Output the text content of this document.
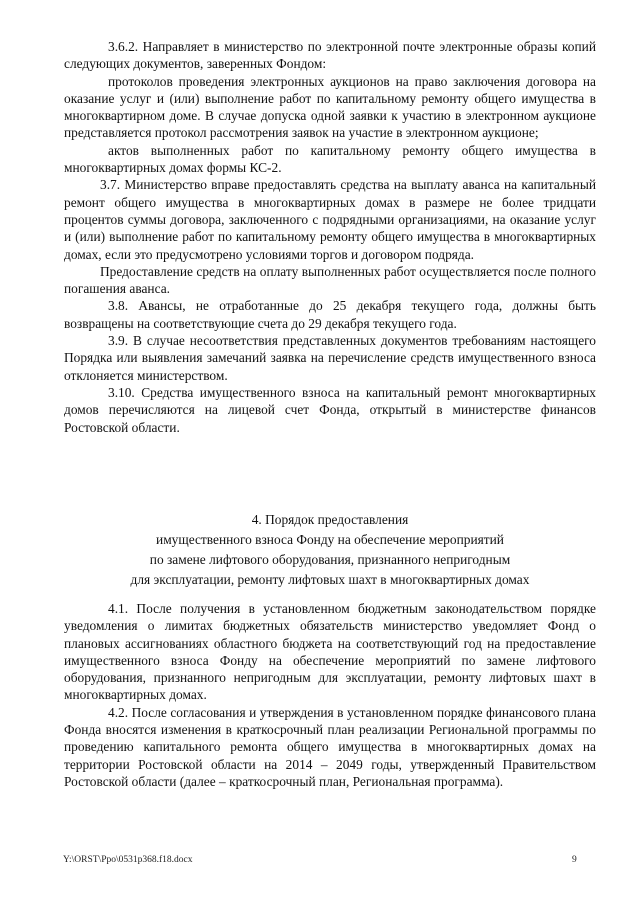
3.6.2. Направляет в министерство по электронной почте электронные образы копий следующих документов, заверенных Фондом:

протоколов проведения электронных аукционов на право заключения договора на оказание услуг и (или) выполнение работ по капитальному ремонту общего имущества в многоквартирном доме. В случае допуска одной заявки к участию в электронном аукционе представляется протокол рассмотрения заявок на участие в электронном аукционе;

актов выполненных работ по капитальному ремонту общего имущества в многоквартирных домах формы КС-2.

3.7. Министерство вправе предоставлять средства на выплату аванса на капитальный ремонт общего имущества в многоквартирных домах в размере не более тридцати процентов суммы договора, заключенного с подрядными организациями, на оказание услуг и (или) выполнение работ по капитальному ремонту общего имущества в многоквартирных домах, если это предусмотрено условиями торгов и договором подряда.

Предоставление средств на оплату выполненных работ осуществляется после полного погашения аванса.

3.8. Авансы, не отработанные до 25 декабря текущего года, должны быть возвращены на соответствующие счета до 29 декабря текущего года.

3.9. В случае несоответствия представленных документов требованиям настоящего Порядка или выявления замечаний заявка на перечисление средств имущественного взноса отклоняется министерством.

3.10. Средства имущественного взноса на капитальный ремонт многоквартирных домов перечисляются на лицевой счет Фонда, открытый в министерстве финансов Ростовской области.

4. Порядок предоставления
имущественного взноса Фонду на обеспечение мероприятий
по замене лифтового оборудования, признанного непригодным
для эксплуатации, ремонту лифтовых шахт в многоквартирных домах

4.1. После получения в установленном бюджетным законодательством порядке уведомления о лимитах бюджетных обязательств министерство уведомляет Фонд о плановых ассигнованиях областного бюджета на соответствующий год на предоставление имущественного взноса Фонду на обеспечение мероприятий по замене лифтового оборудования, признанного непригодным для эксплуатации, ремонту лифтовых шахт в многоквартирных домах.

4.2. После согласования и утверждения в установленном порядке финансового плана Фонда вносятся изменения в краткосрочный план реализации Региональной программы по проведению капитального ремонта общего имущества в многоквартирных домах на территории Ростовской области на 2014 – 2049 годы, утвержденный Правительством Ростовской области (далее – краткосрочный план, Региональная программа).

Y:\ORST\Ppo\0531p368.f18.docx	9
